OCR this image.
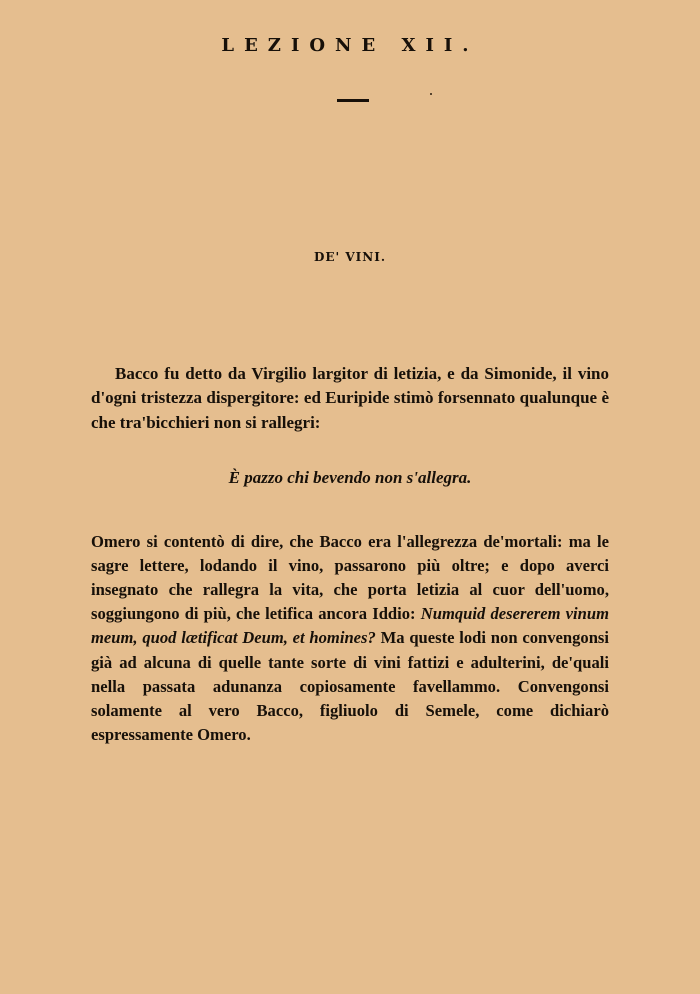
LEZIONE XII.
DE' VINI.

Bacco fu detto da Virgilio largitor di letizia, e da Simonide, il vino d'ogni tristezza dispergitore: ed Euripide stimò forsennato qualunque è che tra'bicchieri non si rallegri:

È pazzo chi bevendo non s'allegra.

Omero si contentò di dire, che Bacco era l'allegrezza de'mortali: ma le sagre lettere, lodando il vino, passarono più oltre; e dopo averci insegnato che rallegra la vita, che porta letizia al cuor dell'uomo, soggiungono di più, che letifica ancora Iddio: Numquid desererem vinum meum, quod lætificat Deum, et homines? Ma queste lodi non convengonsi già ad alcuna di quelle tante sorte di vini fattizi e adulterini, de'quali nella passata adunanza copiosamente favellammo. Convengonsi solamente al vero Bacco, figliuolo di Semele, come dichiarò espressamente Omero.
